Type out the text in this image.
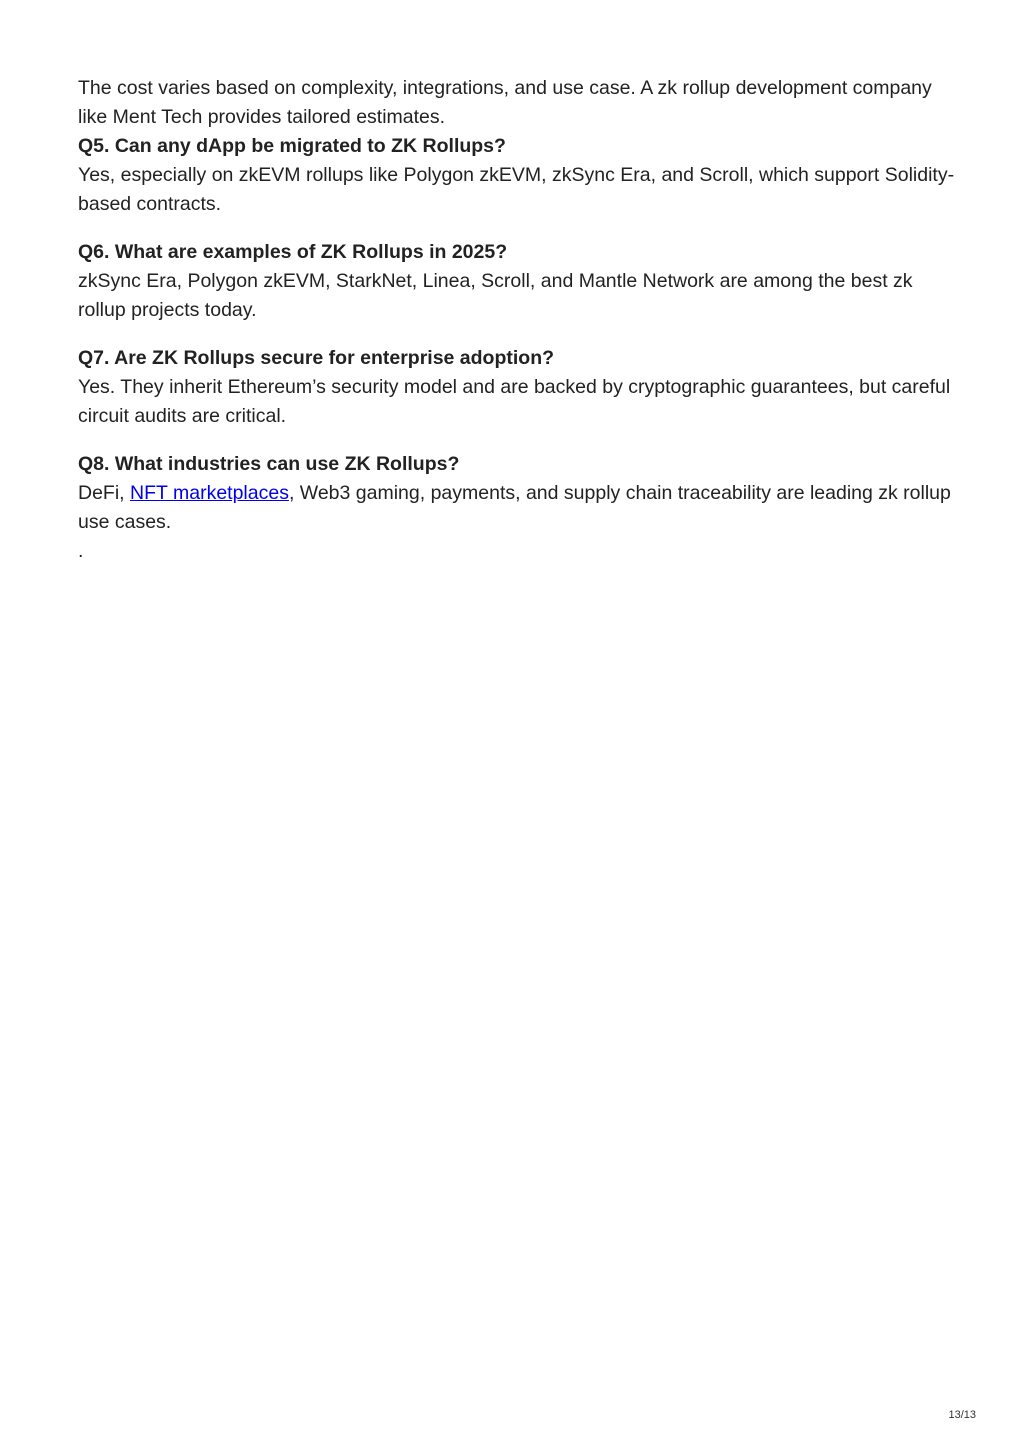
The cost varies based on complexity, integrations, and use case. A zk rollup development company like Ment Tech provides tailored estimates.

Q5. Can any dApp be migrated to ZK Rollups?

Yes, especially on zkEVM rollups like Polygon zkEVM, zkSync Era, and Scroll, which support Solidity-based contracts.

Q6. What are examples of ZK Rollups in 2025?

zkSync Era, Polygon zkEVM, StarkNet, Linea, Scroll, and Mantle Network are among the best zk rollup projects today.

Q7. Are ZK Rollups secure for enterprise adoption?

Yes. They inherit Ethereum’s security model and are backed by cryptographic guarantees, but careful circuit audits are critical.

Q8. What industries can use ZK Rollups?

DeFi, NFT marketplaces, Web3 gaming, payments, and supply chain traceability are leading zk rollup use cases.

.

13/13
